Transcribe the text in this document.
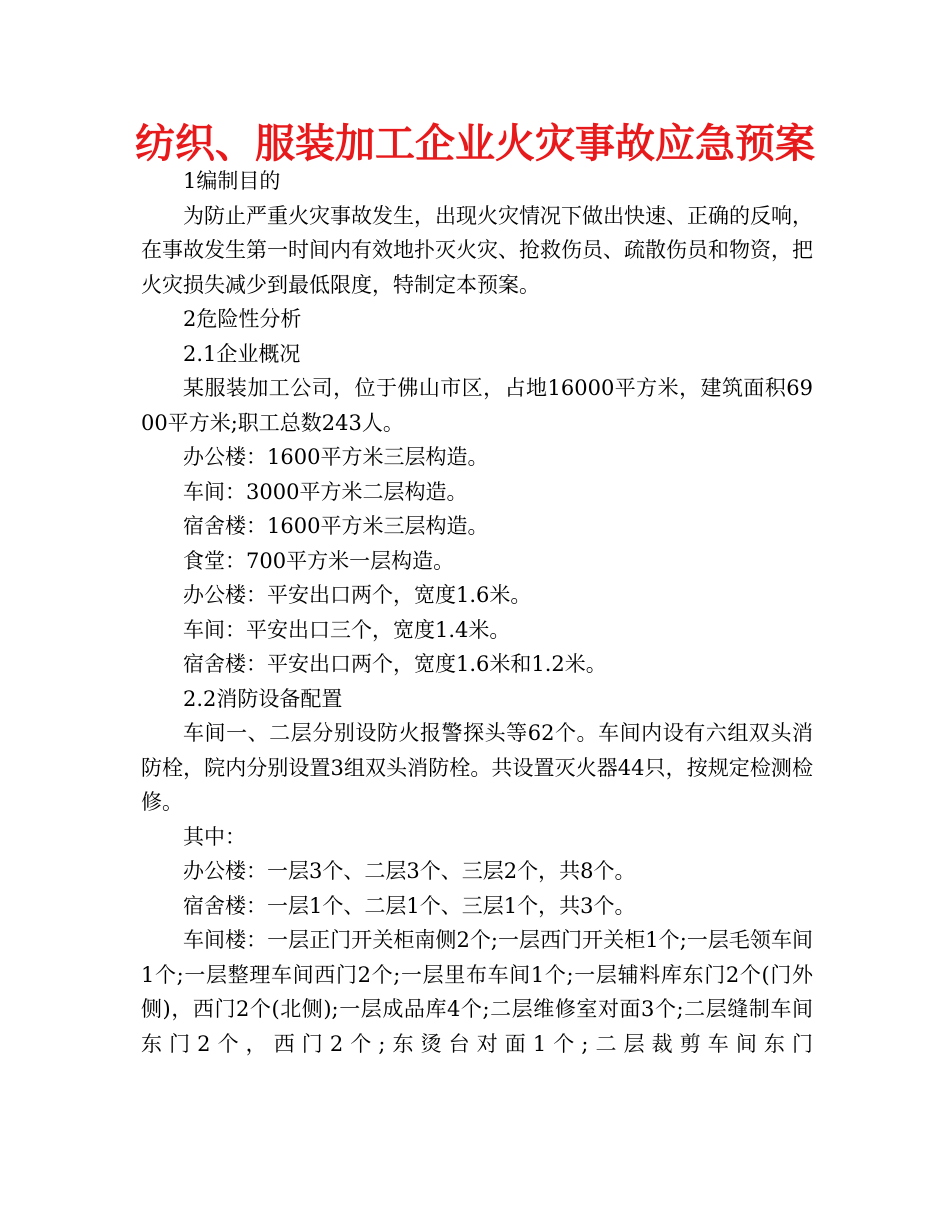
纺织、服装加工企业火灾事故应急预案

1编制目的

为防止严重火灾事故发生，出现火灾情况下做出快速、正确的反响，在事故发生第一时间内有效地扑灭火灾、抢救伤员、疏散伤员和物资，把火灾损失减少到最低限度，特制定本预案。

2危险性分析

2.1企业概况

某服装加工公司，位于佛山市区，占地16000平方米，建筑面积6900平方米;职工总数243人。

办公楼：1600平方米三层构造。

车间：3000平方米二层构造。

宿舍楼：1600平方米三层构造。

食堂：700平方米一层构造。

办公楼：平安出口两个，宽度1.6米。

车间：平安出口三个，宽度1.4米。

宿舍楼：平安出口两个，宽度1.6米和1.2米。

2.2消防设备配置

车间一、二层分别设防火报警探头等62个。车间内设有六组双头消防栓，院内分别设置3组双头消防栓。共设置灭火器44只，按规定检测检修。

其中：

办公楼：一层3个、二层3个、三层2个，共8个。

宿舍楼：一层1个、二层1个、三层1个，共3个。

车间楼：一层正门开关柜南侧2个;一层西门开关柜1个;一层毛领车间1个;一层整理车间西门2个;一层里布车间1个;一层辅料库东门2个(门外侧)，西门2个(北侧);一层成品库4个;二层维修室对面3个;二层缝制车间东门2个，西门2个;东烫台对面1个;二层裁剪车间东门
